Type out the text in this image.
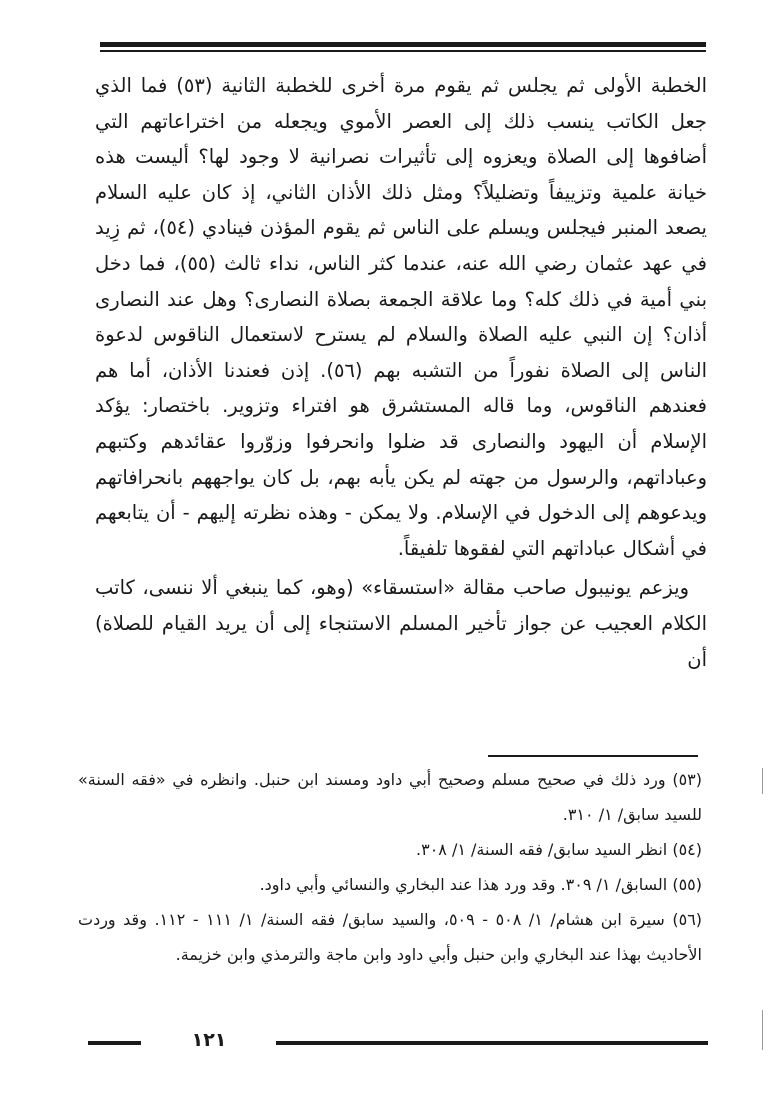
الخطبة الأولى ثم يجلس ثم يقوم مرة أخرى للخطبة الثانية (٥٣) فما الذي جعل الكاتب ينسب ذلك إلى العصر الأموي ويجعله من اختراعاتهم التي أضافوها إلى الصلاة ويعزوه إلى تأثيرات نصرانية لا وجود لها؟ أليست هذه خيانة علمية وتزييفاً وتضليلاً؟ ومثل ذلك الأذان الثاني، إذ كان عليه السلام يصعد المنبر فيجلس ويسلم على الناس ثم يقوم المؤذن فينادي (٥٤)، ثم زِيد في عهد عثمان رضي الله عنه، عندما كثر الناس، نداء ثالث (٥٥)، فما دخل بني أمية في ذلك كله؟ وما علاقة الجمعة بصلاة النصارى؟ وهل عند النصارى أذان؟ إن النبي عليه الصلاة والسلام لم يسترح لاستعمال الناقوس لدعوة الناس إلى الصلاة نفوراً من التشبه بهم (٥٦). إذن فعندنا الأذان، أما هم فعندهم الناقوس، وما قاله المستشرق هو افتراء وتزوير. باختصار: يؤكد الإسلام أن اليهود والنصارى قد ضلوا وانحرفوا وزوّروا عقائدهم وكتبهم وعباداتهم، والرسول من جهته لم يكن يأبه بهم، بل كان يواجههم بانحرافاتهم ويدعوهم إلى الدخول في الإسلام. ولا يمكن - وهذه نظرته إليهم - أن يتابعهم في أشكال عباداتهم التي لفقوها تلفيقاً.

ويزعم يونيبول صاحب مقالة «استسقاء» (وهو، كما ينبغي ألا ننسى، كاتب الكلام العجيب عن جواز تأخير المسلم الاستنجاء إلى أن يريد القيام للصلاة) أن

(٥٣) ورد ذلك في صحيح مسلم وصحيح أبي داود ومسند ابن حنبل. وانظره في «فقه السنة» للسيد سابق/ ١/ ٣١٠.

(٥٤) انظر السيد سابق/ فقه السنة/ ١/ ٣٠٨.

(٥٥) السابق/ ١/ ٣٠٩. وقد ورد هذا عند البخاري والنسائي وأبي داود.

(٥٦) سيرة ابن هشام/ ١/ ٥٠٨ - ٥٠٩، والسيد سابق/ فقه السنة/ ١/ ١١١ - ١١٢. وقد وردت الأحاديث بهذا عند البخاري وابن حنبل وأبي داود وابن ماجة والترمذي وابن خزيمة.

١٢١
